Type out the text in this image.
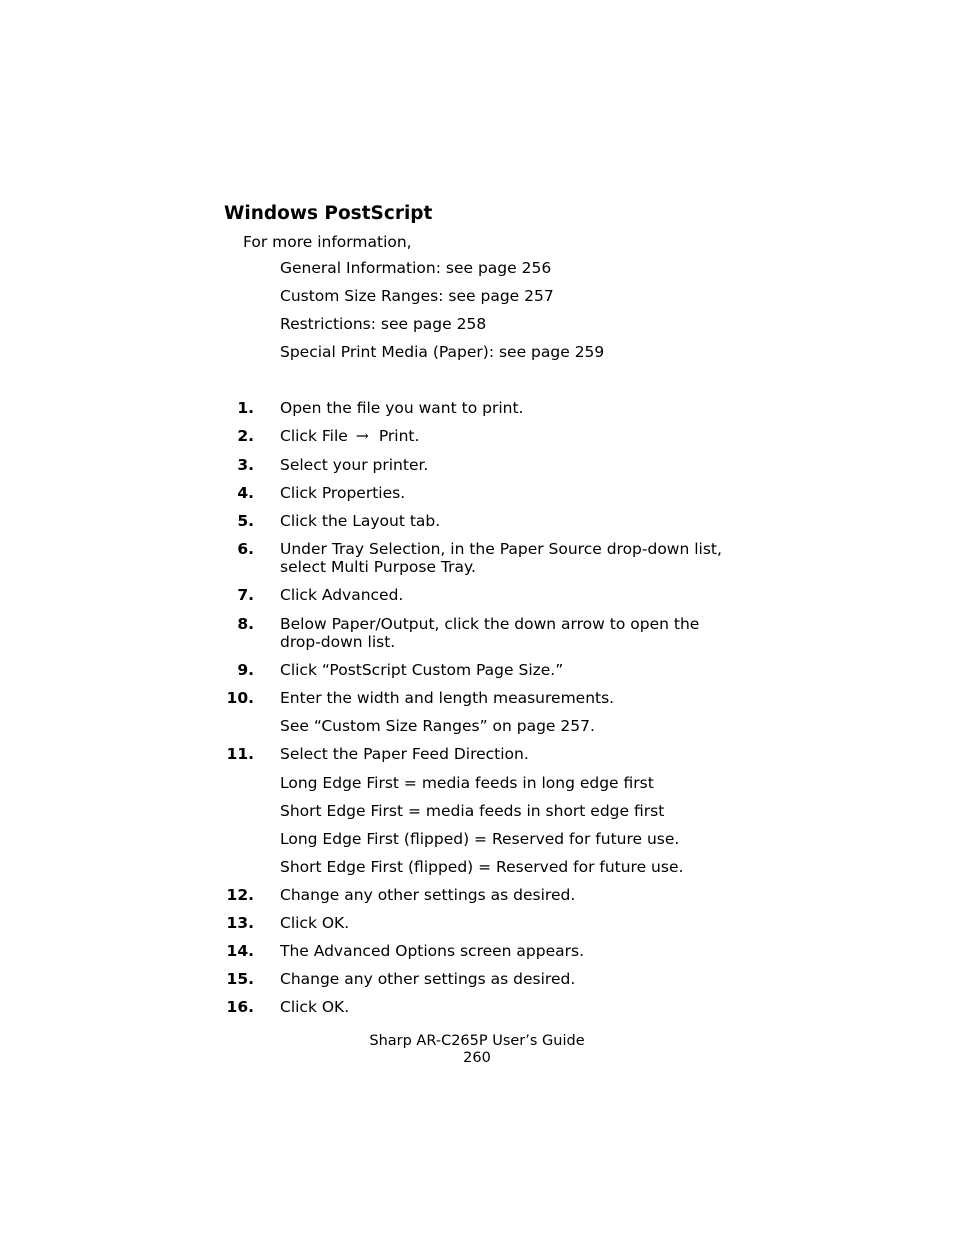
Windows PostScript
For more information,
General Information: see page 256
Custom Size Ranges: see page 257
Restrictions: see page 258
Special Print Media (Paper): see page 259
1. Open the file you want to print.
2. Click File → Print.
3. Select your printer.
4. Click Properties.
5. Click the Layout tab.
6. Under Tray Selection, in the Paper Source drop-down list, select Multi Purpose Tray.
7. Click Advanced.
8. Below Paper/Output, click the down arrow to open the drop-down list.
9. Click “PostScript Custom Page Size.”
10. Enter the width and length measurements.
See “Custom Size Ranges” on page 257.
11. Select the Paper Feed Direction.
Long Edge First = media feeds in long edge first
Short Edge First = media feeds in short edge first
Long Edge First (flipped) = Reserved for future use.
Short Edge First (flipped) = Reserved for future use.
12. Change any other settings as desired.
13. Click OK.
14. The Advanced Options screen appears.
15. Change any other settings as desired.
16. Click OK.
Sharp AR-C265P User’s Guide
260
